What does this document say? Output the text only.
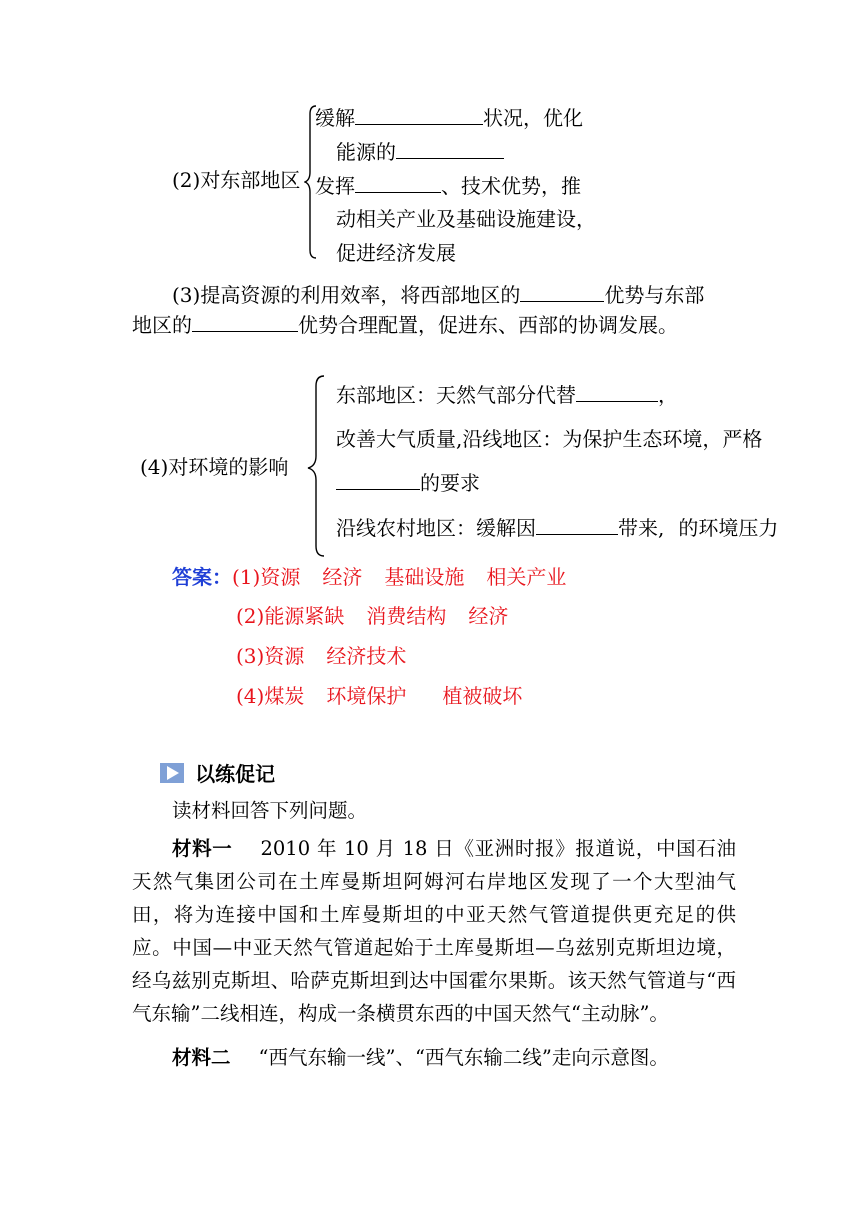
(2)对东部地区
缓解	状况，优化
能源的
发挥	、技术优势，推
动相关产业及基础设施建设，
促进经济发展
(3)提高资源的利用效率，将西部地区的	优势与东部
地区的	优势合理配置，促进东、西部的协调发展。
(4)对环境的影响
东部地区：天然气部分代替	，
改善大气质量,沿线地区：为保护生态环境，严格
的要求
沿线农村地区：缓解因	带来, 的环境压力
答案：(1)资源 经济 基础设施 相关产业
(2)能源紧缺 消费结构 经济
(3)资源 经济技术
(4)煤炭 环境保护 植被破坏
以练促记
读材料回答下列问题。
材料一 2010 年 10 月 18 日《亚洲时报》报道说，中国石油天然气集团公司在土库曼斯坦阿姆河右岸地区发现了一个大型油气田，将为连接中国和土库曼斯坦的中亚天然气管道提供更充足的供应。中国—中亚天然气管道起始于土库曼斯坦—乌兹别克斯坦边境，经乌兹别克斯坦、哈萨克斯坦到达中国霍尔果斯。该天然气管道与“西气东输”二线相连，构成一条横贯东西的中国天然气“主动脉”。
材料二 “西气东输一线”、“西气东输二线”走向示意图。
